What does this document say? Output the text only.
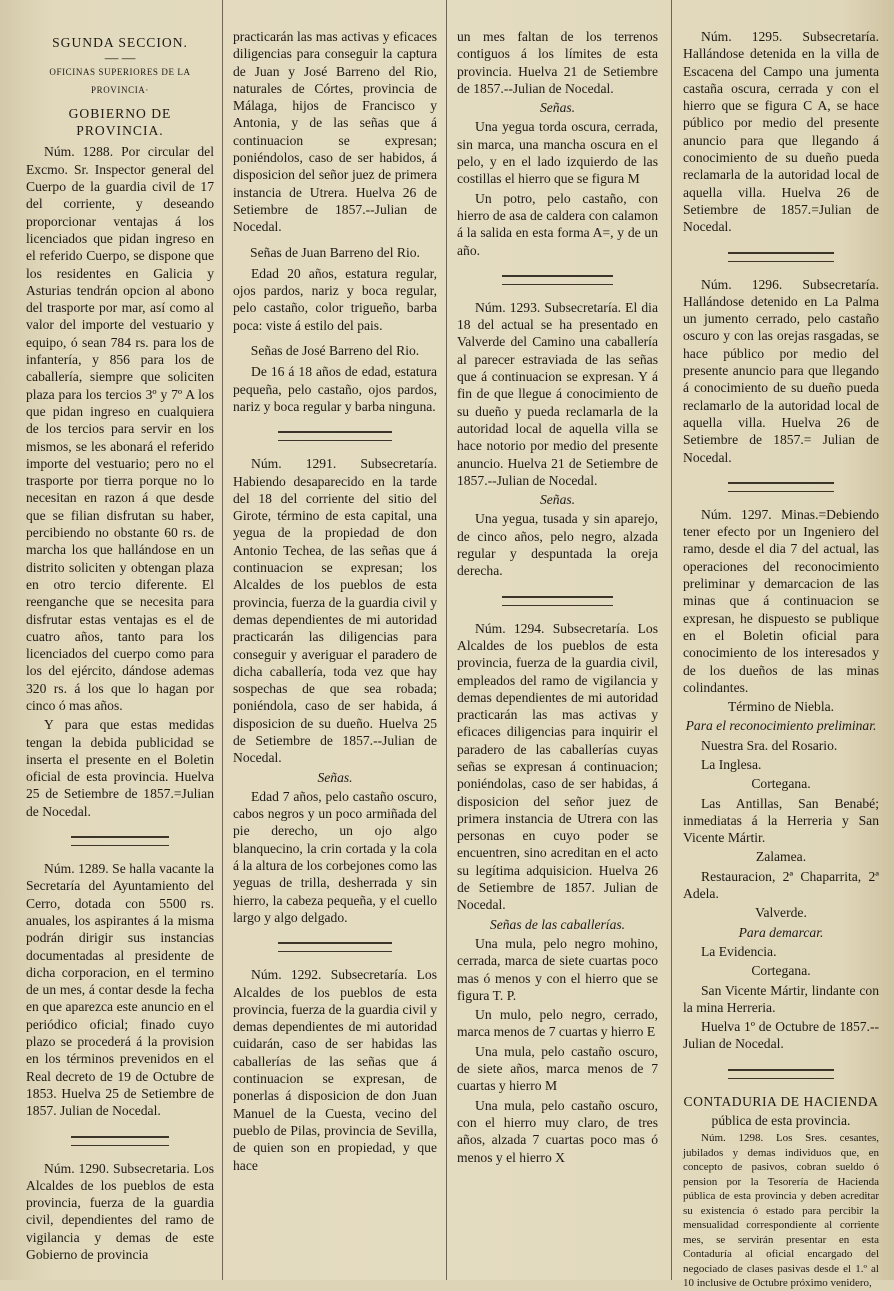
SGUNDA SECCION.

— —

OFICINAS SUPERIORES DE LA PROVINCIA·

GOBIERNO DE PROVINCIA.

Núm. 1288. Por circular del Excmo. Sr. Inspector general del Cuerpo de la guardia civil de 17 del corriente, y deseando proporcionar ventajas á los licenciados que pidan ingreso en el referido Cuerpo, se dispone que los residentes en Galicia y Asturias tendrán opcion al abono del trasporte por mar, así como al valor del importe del vestuario y equipo, ó sean 784 rs. para los de infantería, y 856 para los de caballería, siempre que soliciten plaza para los tercios 3º y 7º A los que pidan ingreso en cualquiera de los tercios para servir en los mismos, se les abonará el referido importe del vestuario; pero no el trasporte por tierra porque no lo necesitan en razon á que desde que se filian disfrutan su haber, percibiendo no obstante 60 rs. de marcha los que hallándose en un distrito soliciten y obtengan plaza en otro tercio diferente. El reenganche que se necesita para disfrutar estas ventajas es el de cuatro años, tanto para los licenciados del cuerpo como para los del ejército, dándose ademas 320 rs. á los que lo hagan por cinco ó mas años.

Y para que estas medidas tengan la debida publicidad se inserta el presente en el Boletin oficial de esta provincia. Huelva 25 de Setiembre de 1857.=Julian de Nocedal.

Núm. 1289. Se halla vacante la Secretaría del Ayuntamiento del Cerro, dotada con 5500 rs. anuales, los aspirantes á la misma podrán dirigir sus instancias documentadas al presidente de dicha corporacion, en el termino de un mes, á contar desde la fecha en que aparezca este anuncio en el periódico oficial; finado cuyo plazo se procederá á la provision en los términos prevenidos en el Real decreto de 19 de Octubre de 1853. Huelva 25 de Setiembre de 1857. Julian de Nocedal.

Núm. 1290. Subsecretaria. Los Alcaldes de los pueblos de esta provincia, fuerza de la guardia civil, dependientes del ramo de vigilancia y demas de este Gobierno de provincia

practicarán las mas activas y eficaces diligencias para conseguir la captura de Juan y José Barreno del Rio, naturales de Córtes, provincia de Málaga, hijos de Francisco y Antonia, y de las señas que á continuacion se expresan; poniéndolos, caso de ser habidos, á disposicion del señor juez de primera instancia de Utrera. Huelva 26 de Setiembre de 1857.--Julian de Nocedal.

Señas de Juan Barreno del Rio.

Edad 20 años, estatura regular, ojos pardos, nariz y boca regular, pelo castaño, color trigueño, barba poca: viste á estilo del pais.

Señas de José Barreno del Rio.

De 16 á 18 años de edad, estatura pequeña, pelo castaño, ojos pardos, nariz y boca regular y barba ninguna.

Núm. 1291. Subsecretaría. Habiendo desaparecido en la tarde del 18 del corriente del sitio del Girote, término de esta capital, una yegua de la propiedad de don Antonio Techea, de las señas que á continuacion se expresan; los Alcaldes de los pueblos de esta provincia, fuerza de la guardia civil y demas dependientes de mi autoridad practicarán las diligencias para conseguir y averiguar el paradero de dicha caballería, toda vez que hay sospechas de que sea robada; poniéndola, caso de ser habida, á disposicion de su dueño. Huelva 25 de Setiembre de 1857.--Julian de Nocedal.

Señas.

Edad 7 años, pelo castaño oscuro, cabos negros y un poco armiñada del pie derecho, un ojo algo blanquecino, la crin cortada y la cola á la altura de los corbejones como las yeguas de trilla, desherrada y sin hierro, la cabeza pequeña, y el cuello largo y algo delgado.

Núm. 1292. Subsecretaría. Los Alcaldes de los pueblos de esta provincia, fuerza de la guardia civil y demas dependientes de mi autoridad cuidarán, caso de ser habidas las caballerías de las señas que á continuacion se expresan, de ponerlas á disposicion de don Juan Manuel de la Cuesta, vecino del pueblo de Pilas, provincia de Sevilla, de quien son en propiedad, y que hace

un mes faltan de los terrenos contiguos á los límites de esta provincia. Huelva 21 de Setiembre de 1857.--Julian de Nocedal.

Señas.

Una yegua torda oscura, cerrada, sin marca, una mancha oscura en el pelo, y en el lado izquierdo de las costillas el hierro que se figura M

Un potro, pelo castaño, con hierro de asa de caldera con calamon á la salida en esta forma A=, y de un año.

Núm. 1293. Subsecretaría. El dia 18 del actual se ha presentado en Valverde del Camino una caballería al parecer estraviada de las señas que á continuacion se expresan. Y á fin de que llegue á conocimiento de su dueño y pueda reclamarla de la autoridad local de aquella villa se hace notorio por medio del presente anuncio. Huelva 21 de Setiembre de 1857.--Julian de Nocedal.

Señas.

Una yegua, tusada y sin aparejo, de cinco años, pelo negro, alzada regular y despuntada la oreja derecha.

Núm. 1294. Subsecretaría. Los Alcaldes de los pueblos de esta provincia, fuerza de la guardia civil, empleados del ramo de vigilancia y demas dependientes de mi autoridad practicarán las mas activas y eficaces diligencias para inquirir el paradero de las caballerías cuyas señas se expresan á continuacion; poniéndolas, caso de ser habidas, á disposicion del señor juez de primera instancia de Utrera con las personas en cuyo poder se encuentren, sino acreditan en el acto su legítima adquisicion. Huelva 26 de Setiembre de 1857. Julian de Nocedal.

Señas de las caballerías.

Una mula, pelo negro mohino, cerrada, marca de siete cuartas poco mas ó menos y con el hierro que se figura T. P.

Un mulo, pelo negro, cerrado, marca menos de 7 cuartas y hierro E

Una mula, pelo castaño oscuro, de siete años, marca menos de 7 cuartas y hierro M

Una mula, pelo castaño oscuro, con el hierro muy claro, de tres años, alzada 7 cuartas poco mas ó menos y el hierro X

Núm. 1295. Subsecretaría. Hallándose detenida en la villa de Escacena del Campo una jumenta castaña oscura, cerrada y con el hierro que se figura C A, se hace público por medio del presente anuncio para que llegando á conocimiento de su dueño pueda reclamarla de la autoridad local de aquella villa. Huelva 26 de Setiembre de 1857.=Julian de Nocedal.

Núm. 1296. Subsecretaría. Hallándose detenido en La Palma un jumento cerrado, pelo castaño oscuro y con las orejas rasgadas, se hace público por medio del presente anuncio para que llegando á conocimiento de su dueño pueda reclamarlo de la autoridad local de aquella villa. Huelva 26 de Setiembre de 1857.= Julian de Nocedal.

Núm. 1297. Minas.=Debiendo tener efecto por un Ingeniero del ramo, desde el dia 7 del actual, las operaciones del reconocimiento preliminar y demarcacion de las minas que á continuacion se expresan, he dispuesto se publique en el Boletin oficial para conocimiento de los interesados y de los dueños de las minas colindantes.

Término de Niebla.

Para el reconocimiento preliminar.

Nuestra Sra. del Rosario.

La Inglesa.

Cortegana.

Las Antillas, San Benabé; inmediatas á la Herreria y San Vicente Mártir.

Zalamea.

Restauracion, 2ª Chaparrita, 2ª Adela.

Valverde.

Para demarcar.

La Evidencia.

Cortegana.

San Vicente Mártir, lindante con la mina Herreria.

Huelva 1º de Octubre de 1857.--Julian de Nocedal.

CONTADURIA DE HACIENDA

pública de esta provincia.

Núm. 1298. Los Sres. cesantes, jubilados y demas individuos que, en concepto de pasivos, cobran sueldo ó pension por la Tesorería de Hacienda pública de esta provincia y deben acreditar su existencia ó estado para percibir la mensualidad correspondiente al corriente mes, se servirán presentar en esta Contaduría al oficial encargado del negociado de clases pasivas desde el 1.º al 10 inclusive de Octubre próximo venidero,
